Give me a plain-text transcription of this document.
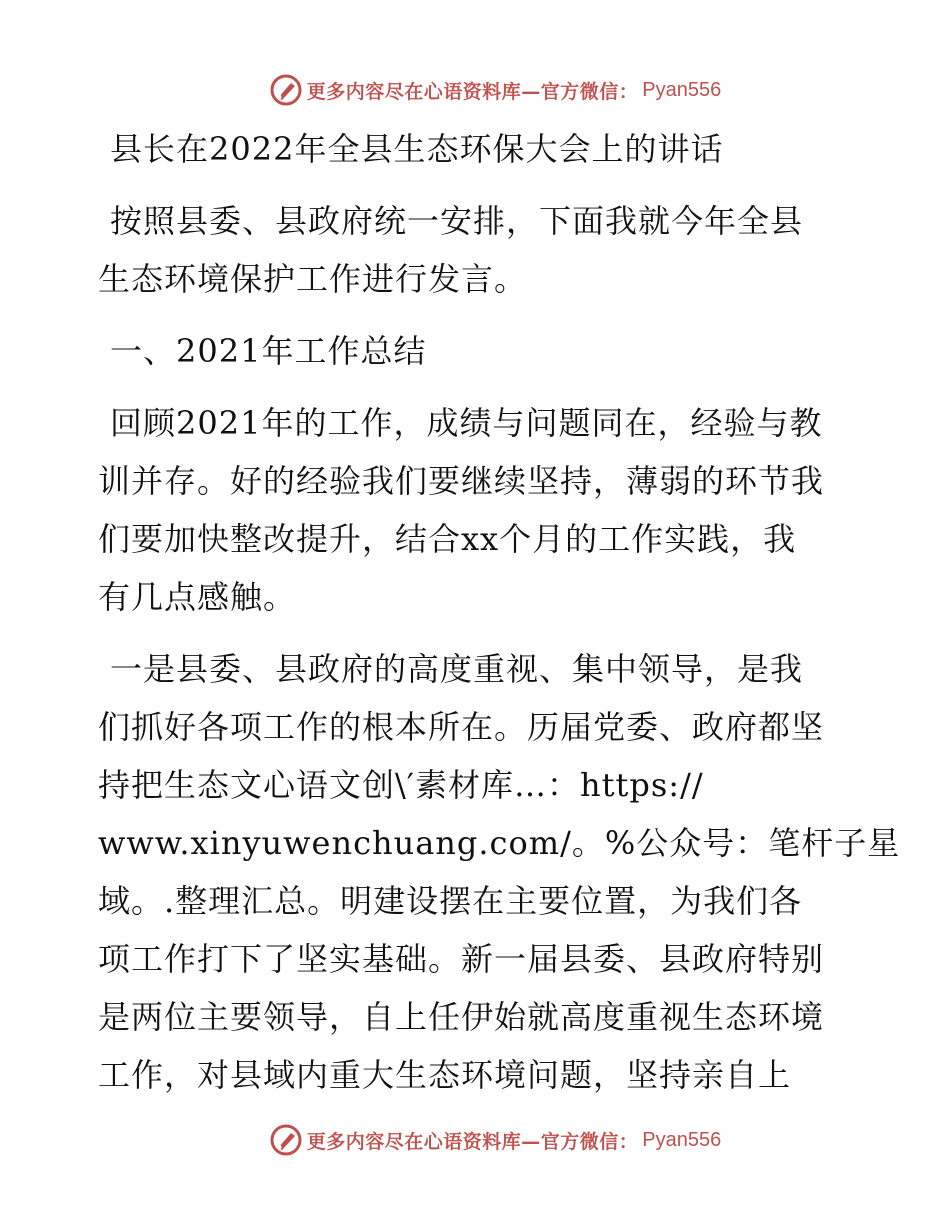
更多内容尽在心语资料库—官方微信： Pyan556
县长在2022年全县生态环保大会上的讲话
按照县委、县政府统一安排，下面我就今年全县
生态环境保护工作进行发言。
一、2021年工作总结
回顾2021年的工作，成绩与问题同在，经验与教
训并存。好的经验我们要继续坚持，薄弱的环节我
们要加快整改提升，结合xx个月的工作实践，我
有几点感触。
一是县委、县政府的高度重视、集中领导，是我
们抓好各项工作的根本所在。历届党委、政府都坚
持把生态文心语文创\′素材库…：https://
www.xinyuwenchuang.com/。%公众号：笔杆子星
域。.整理汇总。明建设摆在主要位置，为我们各
项工作打下了坚实基础。新一届县委、县政府特别
是两位主要领导，自上任伊始就高度重视生态环境
工作，对县域内重大生态环境问题，坚持亲自上
更多内容尽在心语资料库—官方微信： Pyan556
